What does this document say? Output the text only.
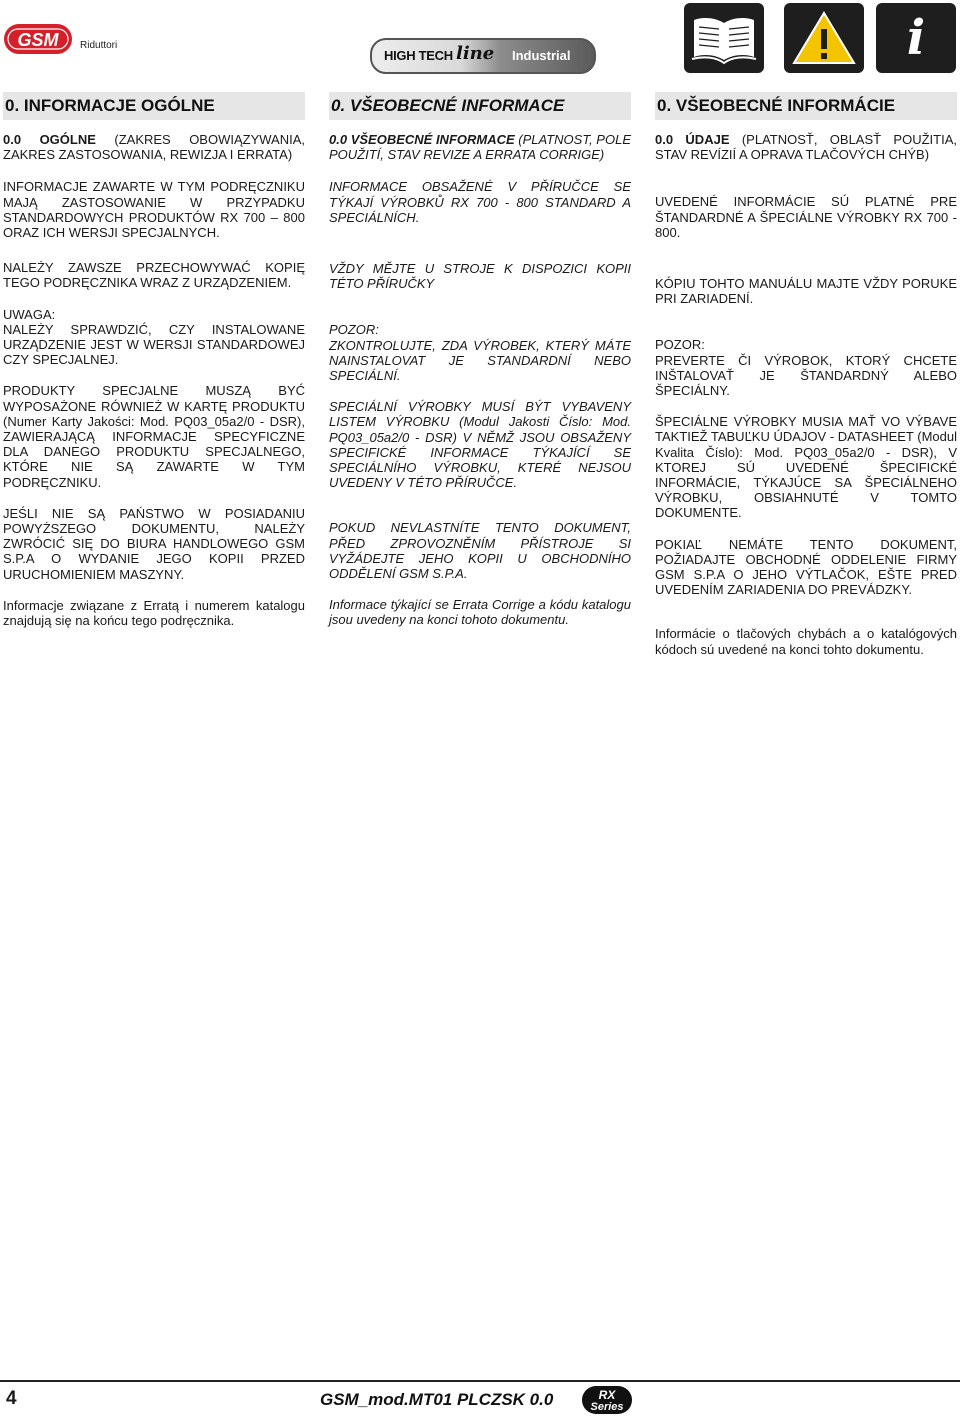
GSM Riduttori
HIGH TECH line Industrial	i
0. INFORMACJE OGÓLNE

0.0 OGÓLNE (ZAKRES OBOWIĄZYWANIA, ZAKRES ZASTOSOWANIA, REWIZJA I ERRATA)

INFORMACJE ZAWARTE W TYM PODRĘCZNIKU MAJĄ ZASTOSOWANIE W PRZYPADKU STANDARDOWYCH PRODUKTÓW RX 700 – 800 ORAZ ICH WERSJI SPECJALNYCH.

NALEŻY ZAWSZE PRZECHOWYWAĆ KOPIĘ TEGO PODRĘCZNIKA WRAZ Z URZĄDZENIEM.

UWAGA:
NALEŻY SPRAWDZIĆ, CZY INSTALOWANE URZĄDZENIE JEST W WERSJI STANDARDOWEJ CZY SPECJALNEJ.

PRODUKTY SPECJALNE MUSZĄ BYĆ WYPOSAŻONE RÓWNIEŻ W KARTĘ PRODUKTU (Numer Karty Jakości: Mod. PQ03_05a2/0 - DSR), ZAWIERAJĄCĄ INFORMACJE SPECYFICZNE DLA DANEGO PRODUKTU SPECJALNEGO, KTÓRE NIE SĄ ZAWARTE W TYM PODRĘCZNIKU.

JEŚLI NIE SĄ PAŃSTWO W POSIADANIU POWYŻSZEGO DOKUMENTU, NALEŻY ZWRÓCIĆ SIĘ DO BIURA HANDLOWEGO GSM S.P.A O WYDANIE JEGO KOPII PRZED URUCHOMIENIEM MASZYNY.

Informacje związane z Erratą i numerem katalogu znajdują się na końcu tego podręcznika.

0. VŠEOBECNÉ INFORMACE

0.0 VŠEOBECNÉ INFORMACE (PLATNOST, POLE POUŽITÍ, STAV REVIZE A ERRATA CORRIGE)

INFORMACE OBSAŽENÉ V PŘÍRUČCE SE TÝKAJÍ VÝROBKŮ RX 700 - 800 STANDARD A SPECIÁLNÍCH.

VŽDY MĚJTE U STROJE K DISPOZICI KOPII TÉTO PŘÍRUČKY

POZOR:
ZKONTROLUJTE, ZDA VÝROBEK, KTERÝ MÁTE NAINSTALOVAT JE STANDARDNÍ NEBO SPECIÁLNÍ.

SPECIÁLNÍ VÝROBKY MUSÍ BÝT VYBAVENY LISTEM VÝROBKU (Modul Jakosti Číslo: Mod. PQ03_05a2/0 - DSR) V NĚMŽ JSOU OBSAŽENY SPECIFICKÉ INFORMACE TÝKAJÍCÍ SE SPECIÁLNÍHO VÝROBKU, KTERÉ NEJSOU UVEDENY V TÉTO PŘÍRUČCE.

POKUD NEVLASTNÍTE TENTO DOKUMENT, PŘED ZPROVOZNĚNÍM PŘÍSTROJE SI VYŽÁDEJTE JEHO KOPII U OBCHODNÍHO ODDĚLENÍ GSM S.P.A.

Informace týkající se Errata Corrige a kódu katalogu jsou uvedeny na konci tohoto dokumentu.

0. VŠEOBECNÉ INFORMÁCIE

0.0 ÚDAJE (PLATNOSŤ, OBLASŤ POUŽITIA, STAV REVÍZIÍ A OPRAVA TLAČOVÝCH CHÝB)

UVEDENÉ INFORMÁCIE SÚ PLATNÉ PRE ŠTANDARDNÉ A ŠPECIÁLNE VÝROBKY RX 700 - 800.

KÓPIU TOHTO MANUÁLU MAJTE VŽDY PORUKE PRI ZARIADENÍ.

POZOR:
PREVERTE ČI VÝROBOK, KTORÝ CHCETE INŠTALOVAŤ JE ŠTANDARDNÝ ALEBO ŠPECIÁLNY.

ŠPECIÁLNE VÝROBKY MUSIA MAŤ VO VÝBAVE TAKTIEŽ TABUĽKU ÚDAJOV - DATASHEET (Modul Kvalita Číslo): Mod. PQ03_05a2/0 - DSR), V KTOREJ SÚ UVEDENÉ ŠPECIFICKÉ INFORMÁCIE, TÝKAJÚCE SA ŠPECIÁLNEHO VÝROBKU, OBSIAHNUTÉ V TOMTO DOKUMENTE.

POKIAĽ NEMÁTE TENTO DOKUMENT, POŽIADAJTE OBCHODNÉ ODDELENIE FIRMY GSM S.P.A O JEHO VÝTLAČOK, EŠTE PRED UVEDENÍM ZARIADENIA DO PREVÁDZKY.

Informácie o tlačových chybách a o katalógových kódoch sú uvedené na konci tohto dokumentu.

4	GSM_mod.MT01 PLCZSK 0.0	RX
Series
